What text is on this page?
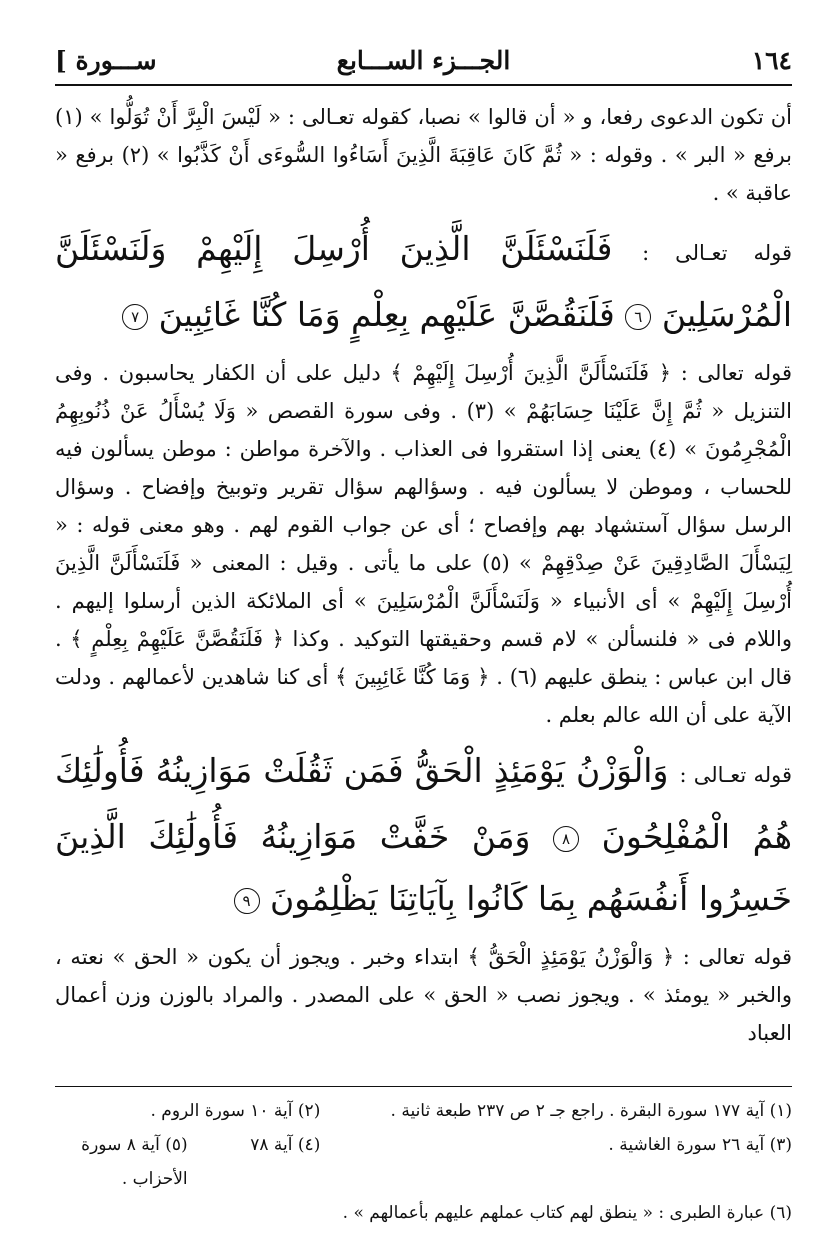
١٦٤
الجـــزء الســـابع
[ ســـورة

أن تكون الدعوى رفعا، و « أن قالوا » نصبا، كقوله تعـالى : « لَيْسَ الْبِرَّ أَنْ تُوَلُّوا » (١) برفع « البر » . وقوله : « ثُمَّ كَانَ عَاقِبَةَ الَّذِينَ أَسَاءُوا السُّوءَى أَنْ كَذَّبُوا » (٢) برفع « عاقبة » .

قوله تعـالى : فَلَنَسْئَلَنَّ الَّذِينَ أُرْسِلَ إِلَيْهِمْ وَلَنَسْئَلَنَّ الْمُرْسَلِينَ ٦ فَلَنَقُصَّنَّ عَلَيْهِم بِعِلْمٍ وَمَا كُنَّا غَائِبِينَ ٧

قوله تعالى : ﴿ فَلَنَسْأَلَنَّ الَّذِينَ أُرْسِلَ إِلَيْهِمْ ﴾ دليل على أن الكفار يحاسبون . وفى التنزيل « ثُمَّ إِنَّ عَلَيْنَا حِسَابَهُمْ » (٣) . وفى سورة القصص « وَلَا يُسْأَلُ عَنْ ذُنُوبِهِمُ الْمُجْرِمُونَ » (٤) يعنى إذا استقروا فى العذاب . والآخرة مواطن : موطن يسألون فيه للحساب ، وموطن لا يسألون فيه . وسؤالهم سؤال تقرير وتوبيخ وإفضاح . وسؤال الرسل سؤال آستشهاد بهم وإفصاح ؛ أى عن جواب القوم لهم . وهو معنى قوله : « لِيَسْأَلَ الصَّادِقِينَ عَنْ صِدْقِهِمْ » (٥) على ما يأتى . وقيل : المعنى « فَلَنَسْأَلَنَّ الَّذِينَ أُرْسِلَ إِلَيْهِمْ » أى الأنبياء « وَلَنَسْأَلَنَّ الْمُرْسَلِينَ » أى الملائكة الذين أرسلوا إليهم . واللام فى « فلنسألن » لام قسم وحقيقتها التوكيد . وكذا ﴿ فَلَنَقُصَّنَّ عَلَيْهِمْ بِعِلْمٍ ﴾ . قال ابن عباس : ينطق عليهم (٦) . ﴿ وَمَا كُنَّا غَائِبِينَ ﴾ أى كنا شاهدين لأعمالهم . ودلت الآية على أن الله عالم بعلم .

قوله تعـالى : وَالْوَزْنُ يَوْمَئِذٍ الْحَقُّ فَمَن ثَقُلَتْ مَوَازِينُهُ فَأُولَٰئِكَ هُمُ الْمُفْلِحُونَ ٨ وَمَنْ خَفَّتْ مَوَازِينُهُ فَأُولَٰئِكَ الَّذِينَ خَسِرُوا أَنفُسَهُم بِمَا كَانُوا بِآيَاتِنَا يَظْلِمُونَ ٩

قوله تعالى : ﴿ وَالْوَزْنُ يَوْمَئِذٍ الْحَقُّ ﴾ ابتداء وخبر . ويجوز أن يكون « الحق » نعته ، والخبر « يومئذ » . ويجوز نصب « الحق » على المصدر . والمراد بالوزن وزن أعمال العباد

(١) آية ١٧٧ سورة البقرة . راجع جـ ٢ ص ٢٣٧ طبعة ثانية .
(٢) آية ١٠ سورة الروم .
(٣) آية ٢٦ سورة الغاشية .
(٤) آية ٧٨
(٥) آية ٨ سورة الأحزاب .
(٦) عبارة الطبرى : « ينطق لهم كتاب عملهم عليهم بأعمالهم » .
